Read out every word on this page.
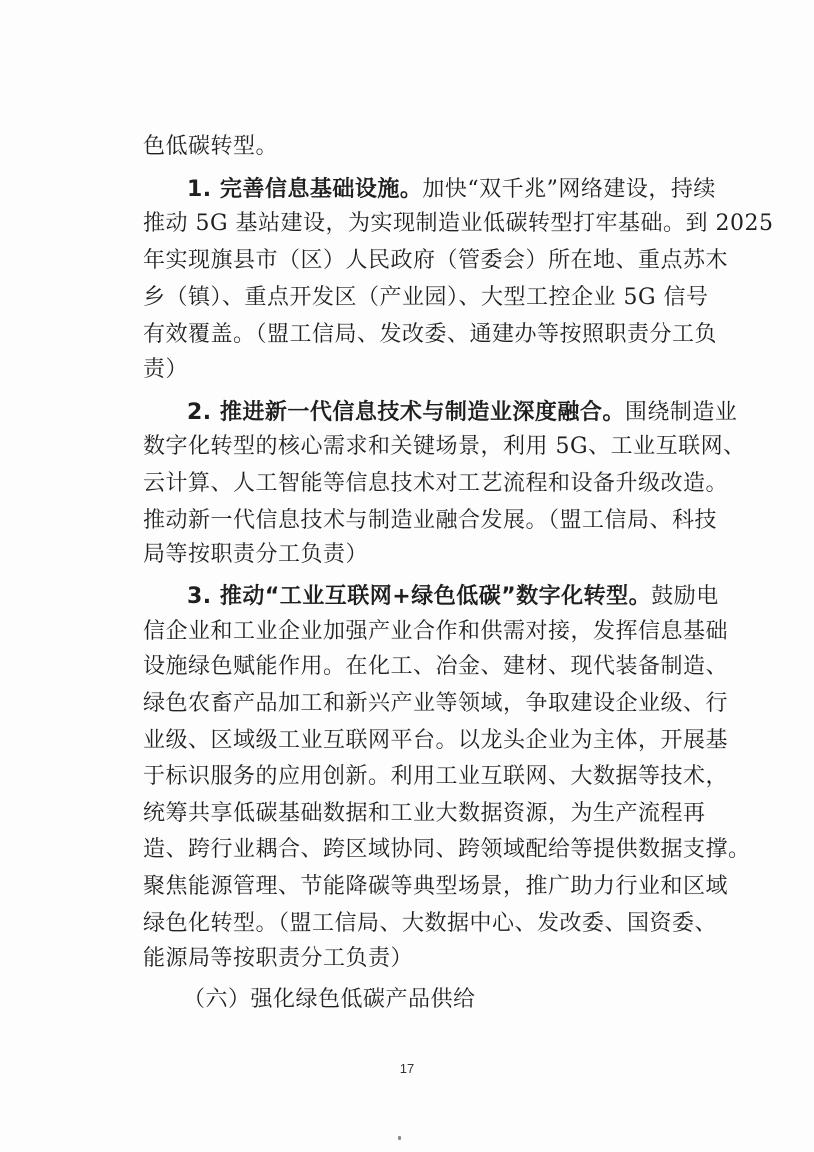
色低碳转型。
1. 完善信息基础设施。加快“双千兆”网络建设，持续
推动 5G 基站建设，为实现制造业低碳转型打牢基础。到 2025
年实现旗县市（区）人民政府（管委会）所在地、重点苏木
乡（镇）、重点开发区（产业园）、大型工控企业 5G 信号
有效覆盖。（盟工信局、发改委、通建办等按照职责分工负
责）
2. 推进新一代信息技术与制造业深度融合。围绕制造业
数字化转型的核心需求和关键场景，利用 5G、工业互联网、
云计算、人工智能等信息技术对工艺流程和设备升级改造。
推动新一代信息技术与制造业融合发展。（盟工信局、科技
局等按职责分工负责）
3. 推动“工业互联网+绿色低碳”数字化转型。鼓励电
信企业和工业企业加强产业合作和供需对接，发挥信息基础
设施绿色赋能作用。在化工、冶金、建材、现代装备制造、
绿色农畜产品加工和新兴产业等领域，争取建设企业级、行
业级、区域级工业互联网平台。以龙头企业为主体，开展基
于标识服务的应用创新。利用工业互联网、大数据等技术，
统筹共享低碳基础数据和工业大数据资源，为生产流程再
造、跨行业耦合、跨区域协同、跨领域配给等提供数据支撑。
聚焦能源管理、节能降碳等典型场景，推广助力行业和区域
绿色化转型。（盟工信局、大数据中心、发改委、国资委、
能源局等按职责分工负责）
（六）强化绿色低碳产品供给
17
